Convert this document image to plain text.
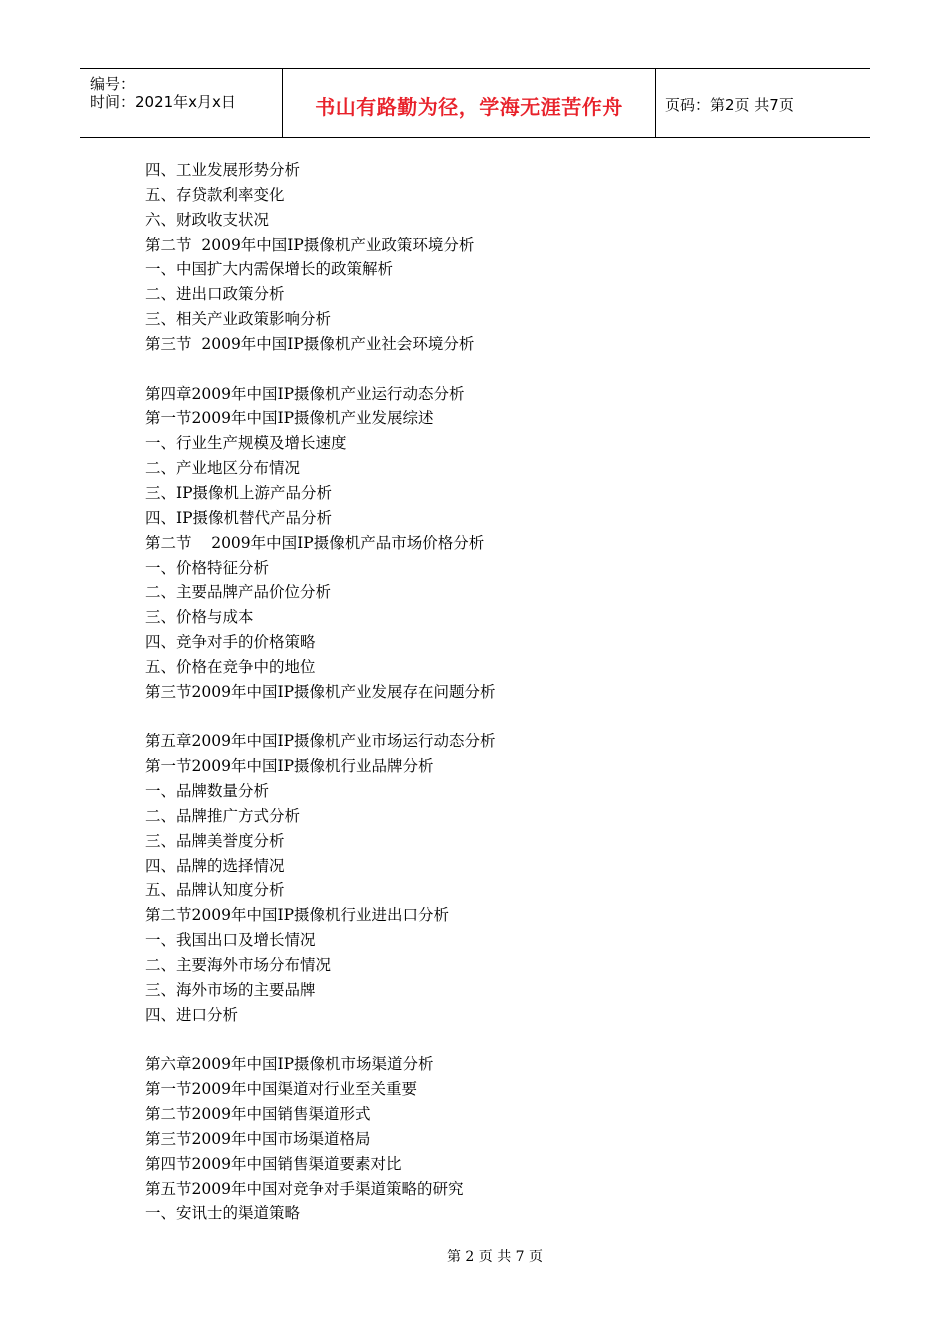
编号：
时间：2021年x月x日	书山有路勤为径，学海无涯苦作舟	页码：第2页 共7页
四、工业发展形势分析
五、存贷款利率变化
六、财政收支状况
第二节  2009年中国IP摄像机产业政策环境分析
一、中国扩大内需保增长的政策解析
二、进出口政策分析
三、相关产业政策影响分析
第三节  2009年中国IP摄像机产业社会环境分析
第四章2009年中国IP摄像机产业运行动态分析
第一节2009年中国IP摄像机产业发展综述
一、行业生产规模及增长速度
二、产业地区分布情况
三、IP摄像机上游产品分析
四、IP摄像机替代产品分析
第二节    2009年中国IP摄像机产品市场价格分析
一、价格特征分析
二、主要品牌产品价位分析
三、价格与成本
四、竞争对手的价格策略
五、价格在竞争中的地位
第三节2009年中国IP摄像机产业发展存在问题分析
第五章2009年中国IP摄像机产业市场运行动态分析
第一节2009年中国IP摄像机行业品牌分析
一、品牌数量分析
二、品牌推广方式分析
三、品牌美誉度分析
四、品牌的选择情况
五、品牌认知度分析
第二节2009年中国IP摄像机行业进出口分析
一、我国出口及增长情况
二、主要海外市场分布情况
三、海外市场的主要品牌
四、进口分析
第六章2009年中国IP摄像机市场渠道分析
第一节2009年中国渠道对行业至关重要
第二节2009年中国销售渠道形式
第三节2009年中国市场渠道格局
第四节2009年中国销售渠道要素对比
第五节2009年中国对竞争对手渠道策略的研究
一、安讯士的渠道策略
第 2 页 共 7 页
